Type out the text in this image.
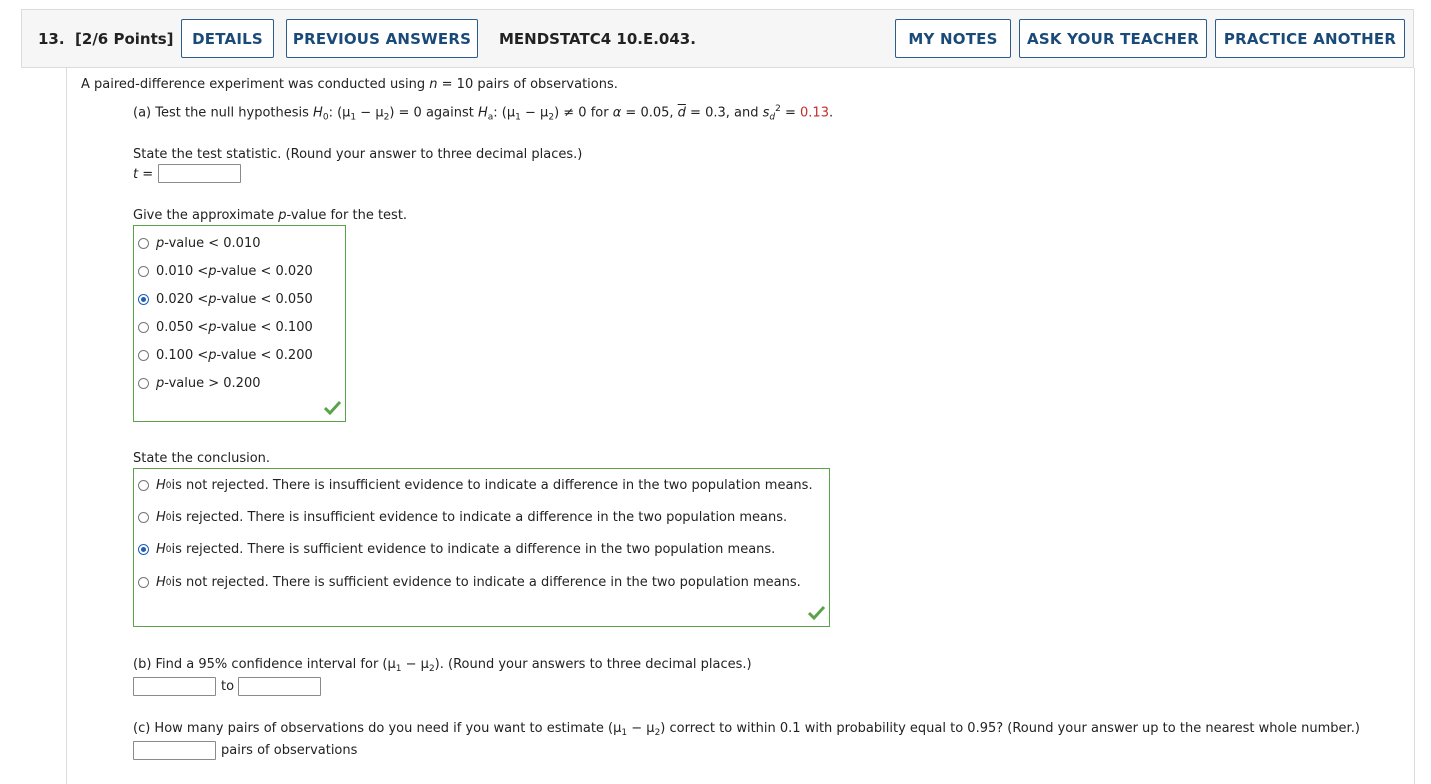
13. [2/6 Points]	DETAILS	PREVIOUS ANSWERS	MENDSTATC4 10.E.043.	MY NOTES	ASK YOUR TEACHER	PRACTICE ANOTHER
A paired-difference experiment was conducted using n = 10 pairs of observations.
(a) Test the null hypothesis $H_0$: $(\mu_1 - \mu_2) = 0$ against $H_a$: $(\mu_1 - \mu_2) \ne 0$ for α = 0.05, $\overline{d} = 0.3$, and $s_d^2 = 0.13$.
State the test statistic. (Round your answer to three decimal places.)
t =
Give the approximate p-value for the test.
p -value < 0.010
0.010 < p -value < 0.020
0.020 < p -value < 0.050
0.050 < p -value < 0.100
0.100 < p -value < 0.200
p -value > 0.200
State the conclusion.
H 0 is not rejected. There is insufficient evidence to indicate a difference in the two population means.
H 0 is rejected. There is insufficient evidence to indicate a difference in the two population means.
H 0 is rejected. There is sufficient evidence to indicate a difference in the two population means.
H 0 is not rejected. There is sufficient evidence to indicate a difference in the two population means.
(b) Find a 95% confidence interval for $(\mu_1 - \mu_2)$. (Round your answers to three decimal places.)
to
(c) How many pairs of observations do you need if you want to estimate $(\mu_1 - \mu_2)$ correct to within 0.1 with probability equal to 0.95? (Round your answer up to the nearest whole number.)
pairs of observations
